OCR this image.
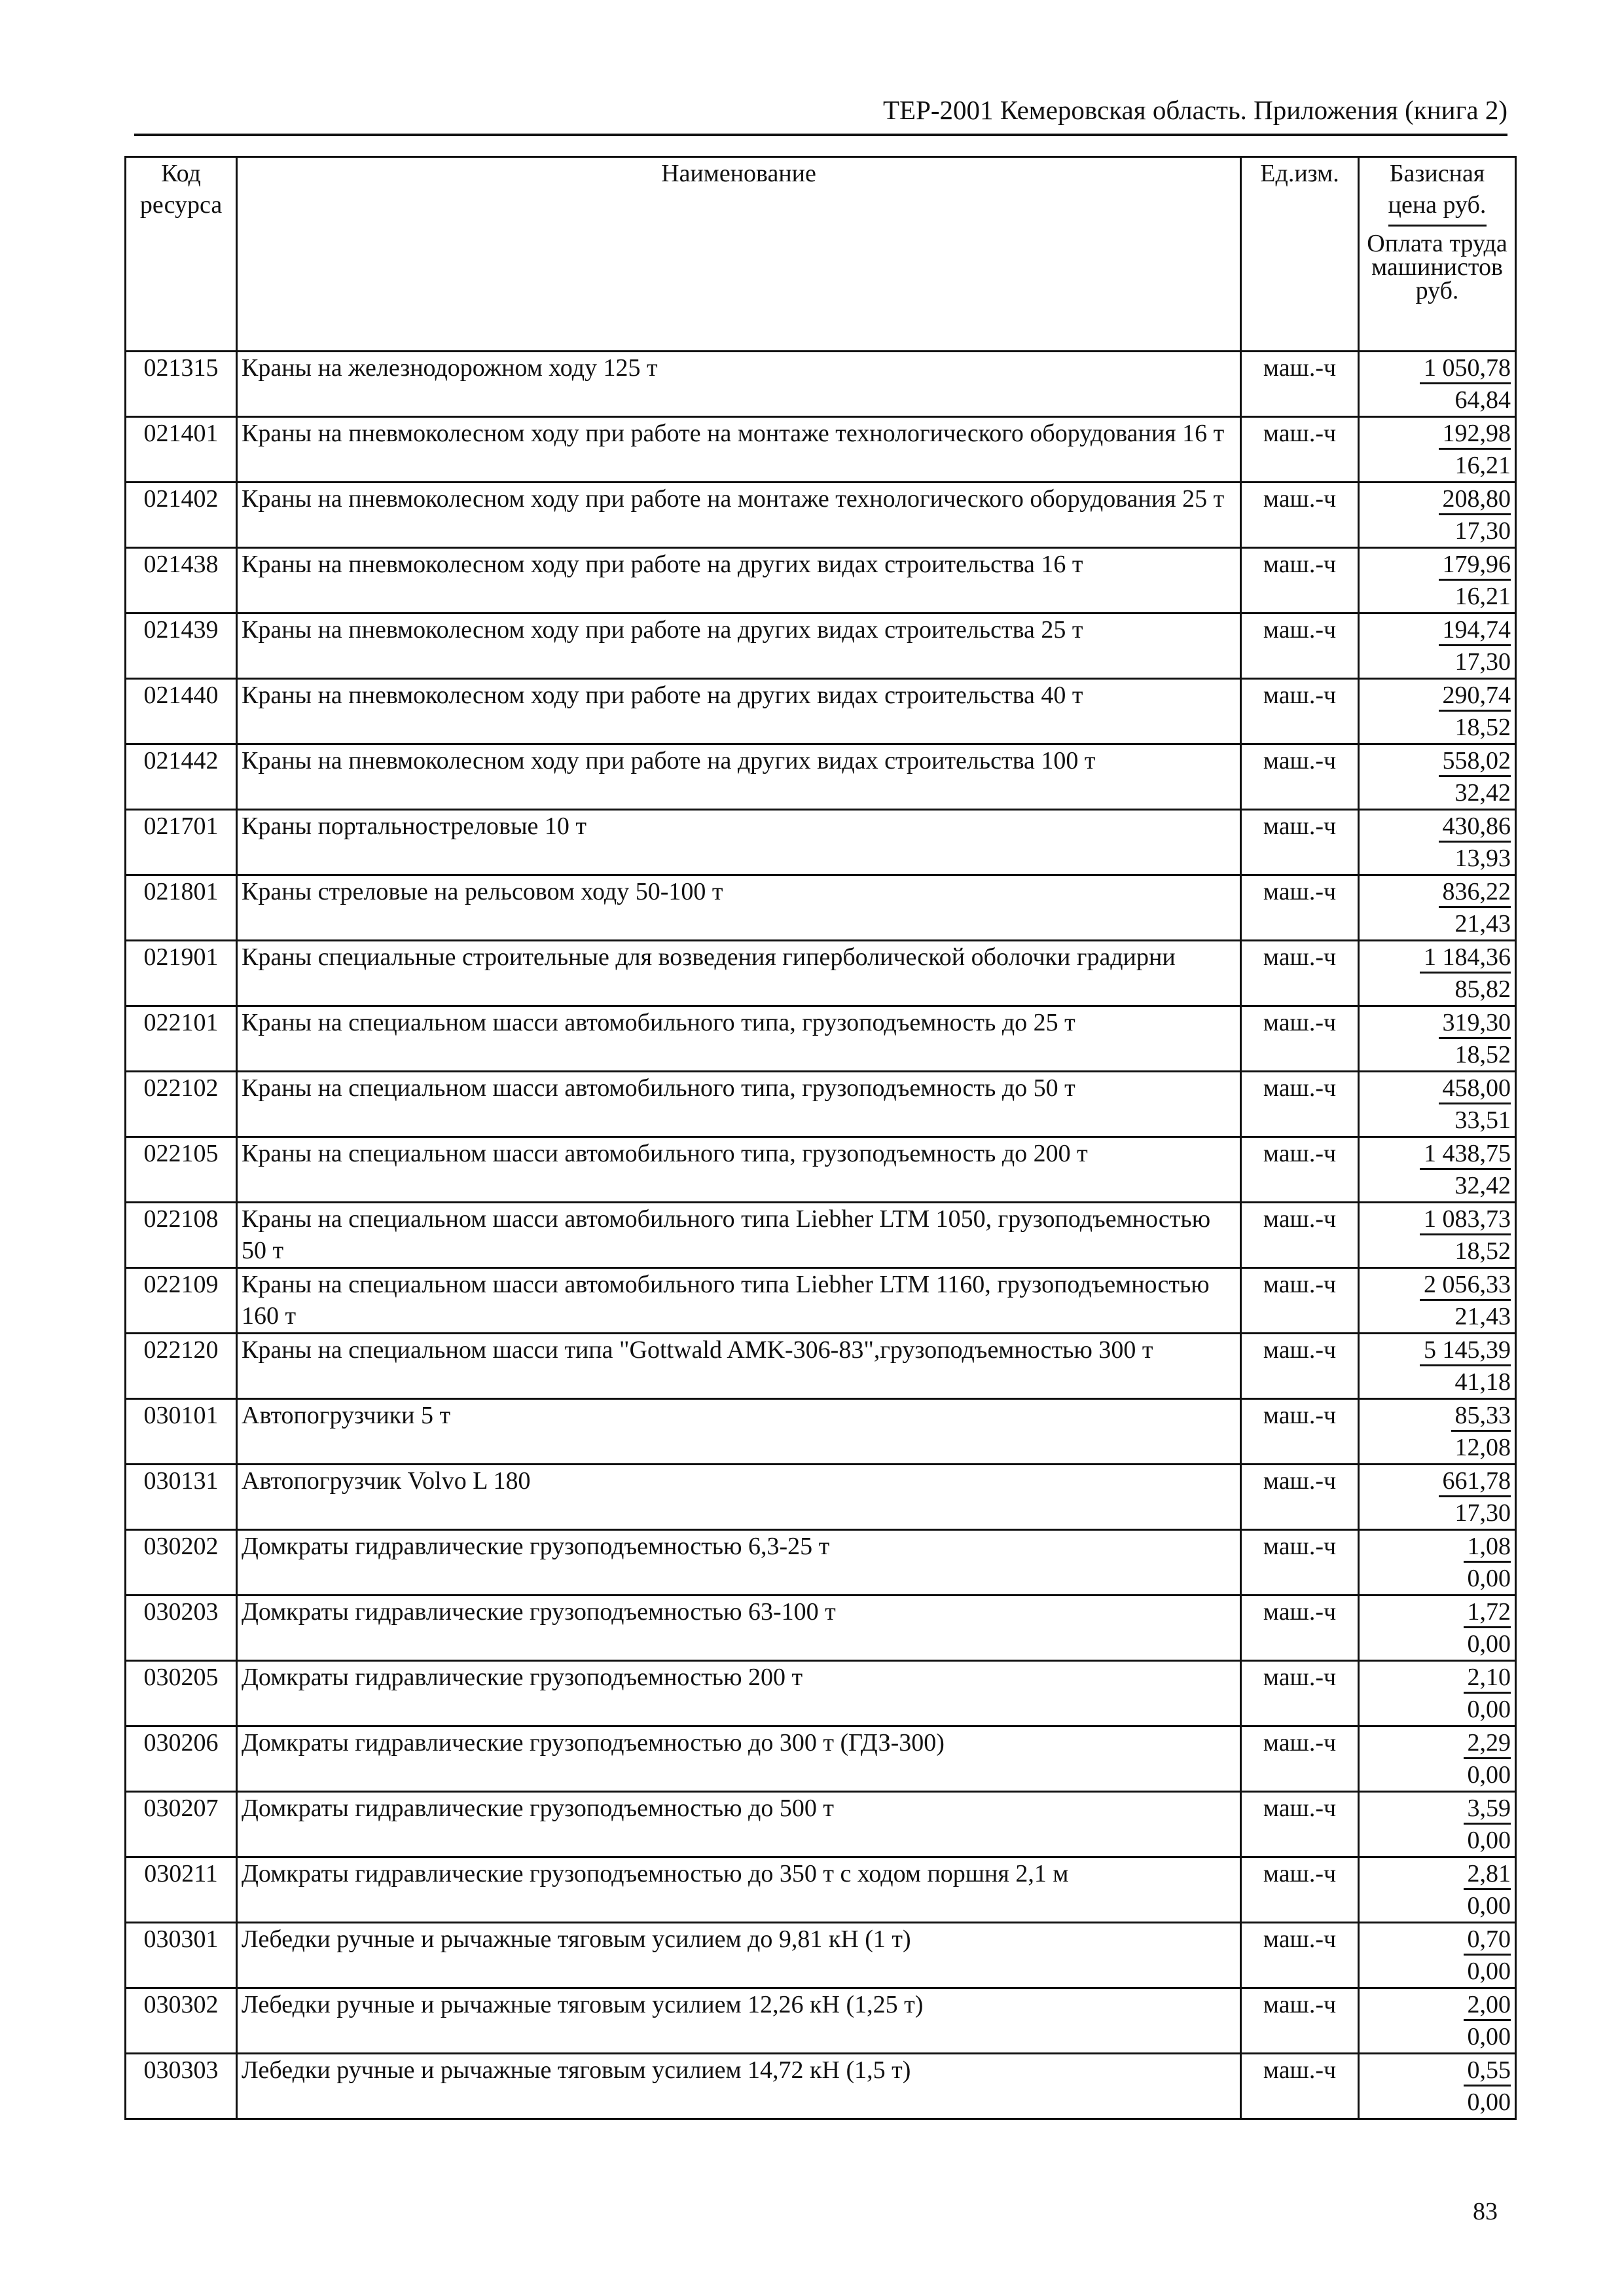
ТЕР-2001 Кемеровская область. Приложения (книга 2)
Код ресурса	Наименование	Ед.изм.	Базисная цена руб.
Оплата труда машинистов руб.

021315	Краны на железнодорожном ходу 125 т	маш.-ч	1 050,78
64,84

021401	Краны на пневмоколесном ходу при работе на монтаже технологического оборудования 16 т	маш.-ч	192,98
16,21

021402	Краны на пневмоколесном ходу при работе на монтаже технологического оборудования 25 т	маш.-ч	208,80
17,30

021438	Краны на пневмоколесном ходу при работе на других видах строительства 16 т	маш.-ч	179,96
16,21

021439	Краны на пневмоколесном ходу при работе на других видах строительства 25 т	маш.-ч	194,74
17,30

021440	Краны на пневмоколесном ходу при работе на других видах строительства 40 т	маш.-ч	290,74
18,52

021442	Краны на пневмоколесном ходу при работе на других видах строительства 100 т	маш.-ч	558,02
32,42

021701	Краны портальнострелoвые 10 т	маш.-ч	430,86
13,93

021801	Краны стреловые на рельсовом ходу 50-100 т	маш.-ч	836,22
21,43

021901	Краны специальные строительные для возведения гиперболической оболочки градирни	маш.-ч	1 184,36
85,82

022101	Краны на специальном шасси автомобильного типа, грузоподъемность до 25 т	маш.-ч	319,30
18,52

022102	Краны на специальном шасси автомобильного типа, грузоподъемность до 50 т	маш.-ч	458,00
33,51

022105	Краны на специальном шасси автомобильного типа, грузоподъемность до 200 т	маш.-ч	1 438,75
32,42

022108	Краны на специальном шасси автомобильного типа Liebher LTM 1050, грузоподъемностью 50 т	маш.-ч	1 083,73
18,52

022109	Краны на специальном шасси автомобильного типа Liebher LTM 1160, грузоподъемностью 160 т	маш.-ч	2 056,33
21,43

022120	Краны на специальном шасси типа "Gottwald AMK-306-83",грузоподъемностью 300 т	маш.-ч	5 145,39
41,18

030101	Автопогрузчики 5 т	маш.-ч	85,33
12,08

030131	Автопогрузчик Volvo L 180	маш.-ч	661,78
17,30

030202	Домкраты гидравлические грузоподъемностью 6,3-25 т	маш.-ч	1,08
0,00

030203	Домкраты гидравлические грузоподъемностью 63-100 т	маш.-ч	1,72
0,00

030205	Домкраты гидравлические грузоподъемностью 200 т	маш.-ч	2,10
0,00

030206	Домкраты гидравлические грузоподъемностью до 300 т (ГДЗ-300)	маш.-ч	2,29
0,00

030207	Домкраты гидравлические грузоподъемностью до 500 т	маш.-ч	3,59
0,00

030211	Домкраты гидравлические грузоподъемностью до 350 т с ходом поршня 2,1 м	маш.-ч	2,81
0,00

030301	Лебедки ручные и рычажные тяговым усилием до 9,81 кН (1 т)	маш.-ч	0,70
0,00

030302	Лебедки ручные и рычажные тяговым усилием 12,26 кН (1,25 т)	маш.-ч	2,00
0,00

030303	Лебедки ручные и рычажные тяговым усилием 14,72 кН (1,5 т)	маш.-ч	0,55
0,00
83
